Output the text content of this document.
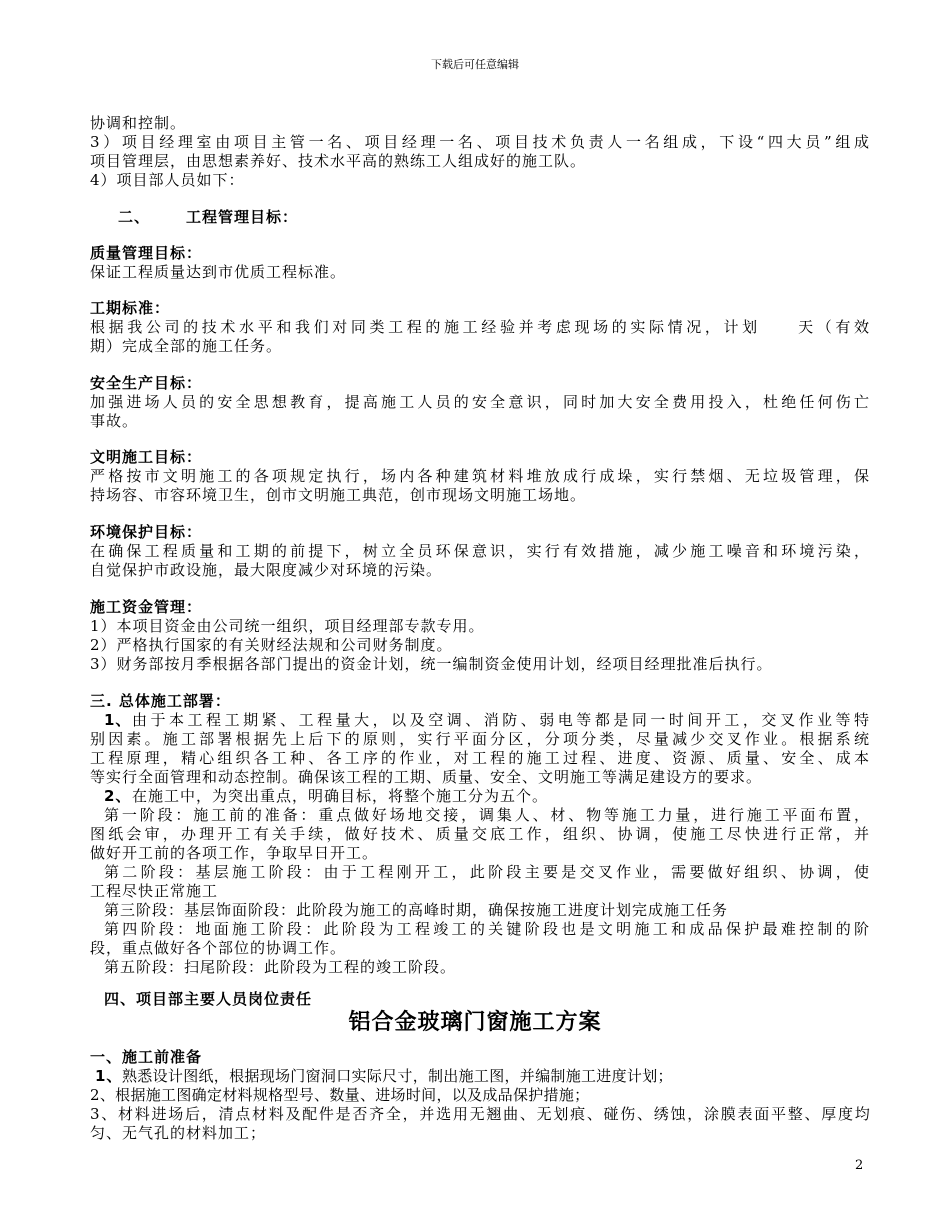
下载后可任意编辑
协调和控制。
3）项目经理室由项目主管一名、项目经理一名、项目技术负责人一名组成，下设“四大员”组成
项目管理层，由思想素养好、技术水平高的熟练工人组成好的施工队。
4）项目部人员如下：
二、	工程管理目标：
质量管理目标：
保证工程质量达到市优质工程标准。
工期标准：
根据我公司的技术水平和我们对同类工程的施工经验并考虑现场的实际情况，计划　　天（有效
期）完成全部的施工任务。
安全生产目标：
加强进场人员的安全思想教育，提高施工人员的安全意识，同时加大安全费用投入，杜绝任何伤亡
事故。
文明施工目标：
严格按市文明施工的各项规定执行，场内各种建筑材料堆放成行成垛，实行禁烟、无垃圾管理，保
持场容、市容环境卫生，创市文明施工典范，创市现场文明施工场地。
环境保护目标：
在确保工程质量和工期的前提下，树立全员环保意识，实行有效措施，减少施工噪音和环境污染，
自觉保护市政设施，最大限度减少对环境的污染。
施工资金管理：
1）本项目资金由公司统一组织，项目经理部专款专用。
2）严格执行国家的有关财经法规和公司财务制度。
3）财务部按月季根据各部门提出的资金计划，统一编制资金使用计划，经项目经理批准后执行。
三. 总体施工部署：
1、 由于本工程工期紧、工程量大，以及空调、消防、弱电等都是同一时间开工，交叉作业等特
别因素。施工部署根据先上后下的原则，实行平面分区，分项分类，尽量减少交叉作业。根据系统
工程原理，精心组织各工种、各工序的作业，对工程的施工过程、进度、资源、质量、安全、成本
等实行全面管理和动态控制。确保该工程的工期、质量、安全、文明施工等满足建设方的要求。
2、 在施工中，为突出重点，明确目标，将整个施工分为五个。
第一阶段：施工前的准备：重点做好场地交接，调集人、材、物等施工力量，进行施工平面布置，
图纸会审，办理开工有关手续，做好技术、质量交底工作，组织、协调，使施工尽快进行正常，并
做好开工前的各项工作，争取早日开工。
第二阶段：基层施工阶段：由于工程刚开工，此阶段主要是交叉作业，需要做好组织、协调，使
工程尽快正常施工
第三阶段：基层饰面阶段：此阶段为施工的高峰时期，确保按施工进度计划完成施工任务
第四阶段：地面施工阶段：此阶段为工程竣工的关键阶段也是文明施工和成品保护最难控制的阶
段，重点做好各个部位的协调工作。
第五阶段：扫尾阶段：此阶段为工程的竣工阶段。
四、项目部主要人员岗位责任
铝合金玻璃门窗施工方案
一、施工前准备
1、 熟悉设计图纸，根据现场门窗洞口实际尺寸，制出施工图，并编制施工进度计划；
2、根据施工图确定材料规格型号、数量、进场时间，以及成品保护措施；
3、材料进场后，清点材料及配件是否齐全，并选用无翘曲、无划痕、碰伤、绣蚀，涂膜表面平整、厚度均
匀、无气孔的材料加工；
2
